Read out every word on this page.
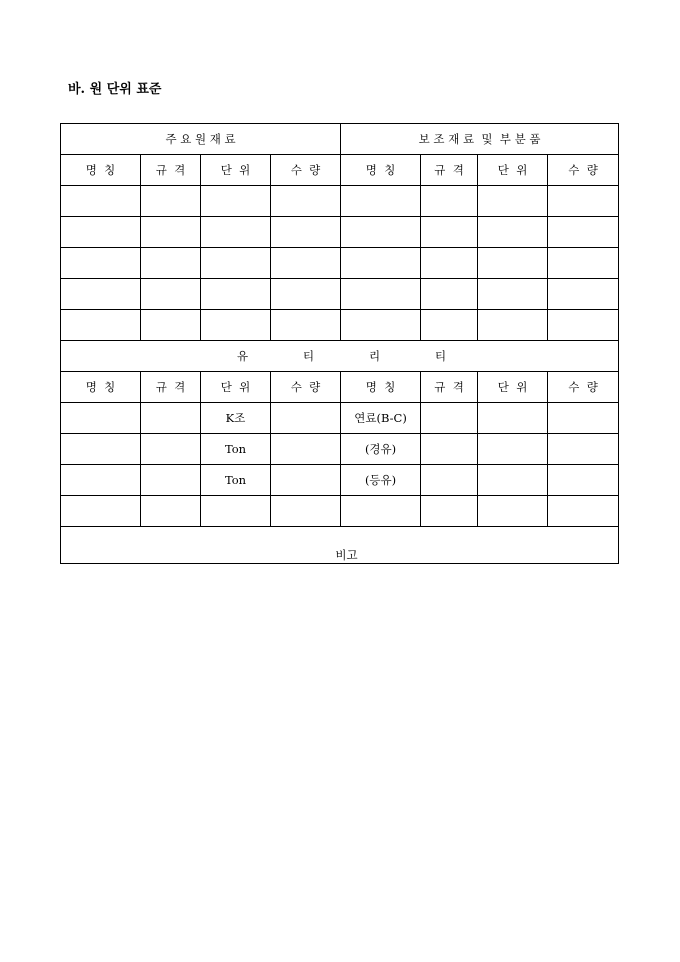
바. 원 단위 표준
주 요 원 재 료				보 조 재 료  및  부 분 품			
명  칭	규  격	단  위	수  량	명  칭	규  격	단  위	수  량

유 티 리 티							

명  칭	규  격	단  위	수  량	명  칭	규  격	단  위	수  량
		K조		연료(B-C)			
		Ton		(경유)			
		Ton		(등유)			

비고							
